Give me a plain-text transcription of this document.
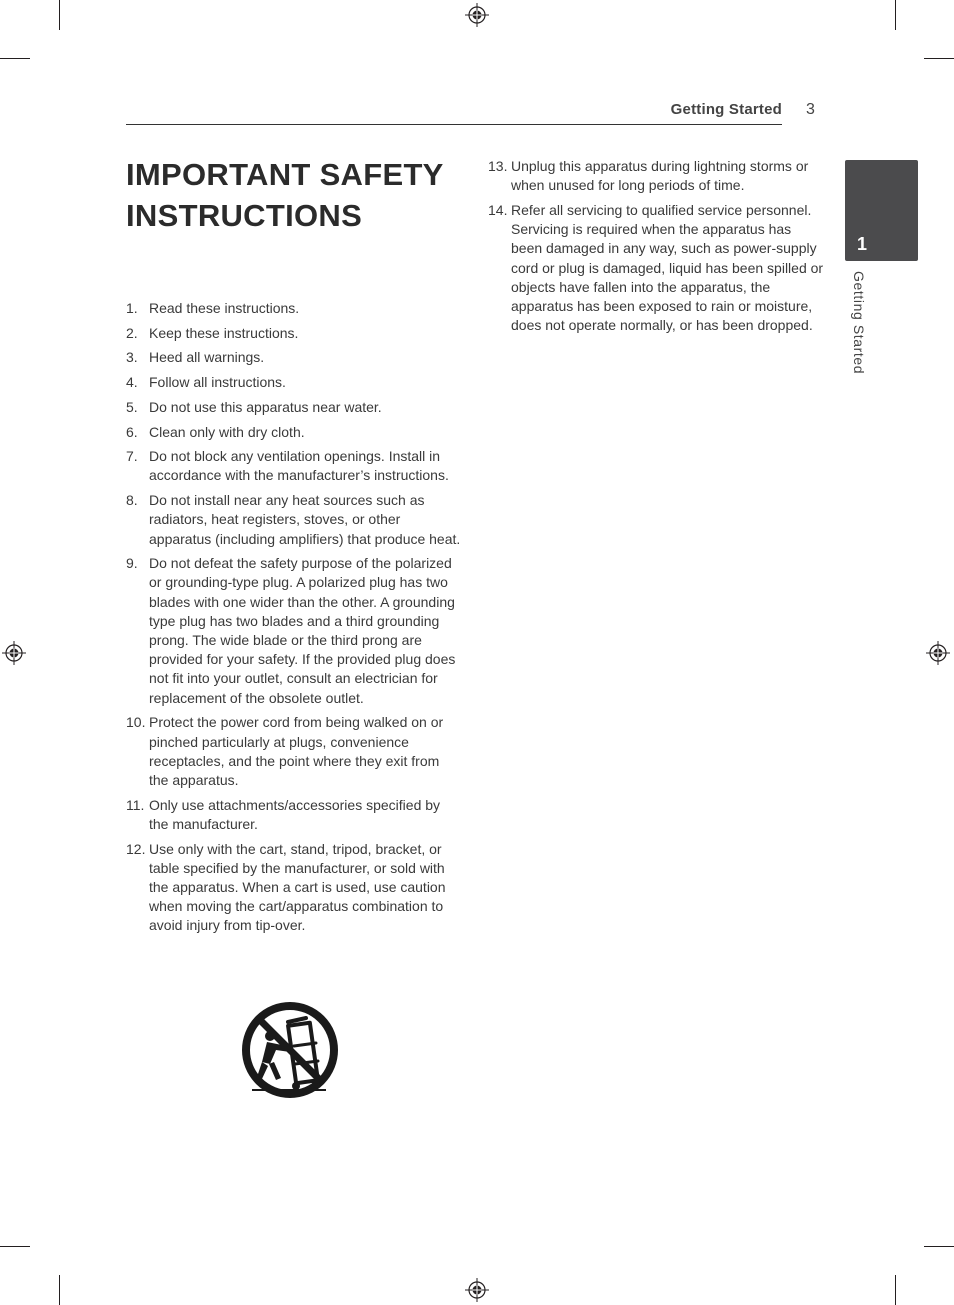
Getting Started 3
1
Getting Started
IMPORTANT SAFETY INSTRUCTIONS
1. Read these instructions.
2. Keep these instructions.
3. Heed all warnings.
4. Follow all instructions.
5. Do not use this apparatus near water.
6. Clean only with dry cloth.
7. Do not block any ventilation openings. Install in accordance with the manufacturer’s instructions.
8. Do not install near any heat sources such as radiators, heat registers, stoves, or other apparatus (including amplifiers) that produce heat.
9. Do not defeat the safety purpose of the polarized or grounding-type plug. A polarized plug has two blades with one wider than the other. A grounding type plug has two blades and a third grounding prong. The wide blade or the third prong are provided for your safety. If the provided plug does not fit into your outlet, consult an electrician for replacement of the obsolete outlet.
10. Protect the power cord from being walked on or pinched particularly at plugs, convenience receptacles, and the point where they exit from the apparatus.
11. Only use attachments/accessories specified by the manufacturer.
12. Use only with the cart, stand, tripod, bracket, or table specified by the manufacturer, or sold with the apparatus. When a cart is used, use caution when moving the cart/apparatus combination to avoid injury from tip-over.
13. Unplug this apparatus during lightning storms or when unused for long periods of time.
14. Refer all servicing to qualified service personnel. Servicing is required when the apparatus has been damaged in any way, such as power-supply cord or plug is damaged, liquid has been spilled or objects have fallen into the apparatus, the apparatus has been exposed to rain or moisture, does not operate normally, or has been dropped.
